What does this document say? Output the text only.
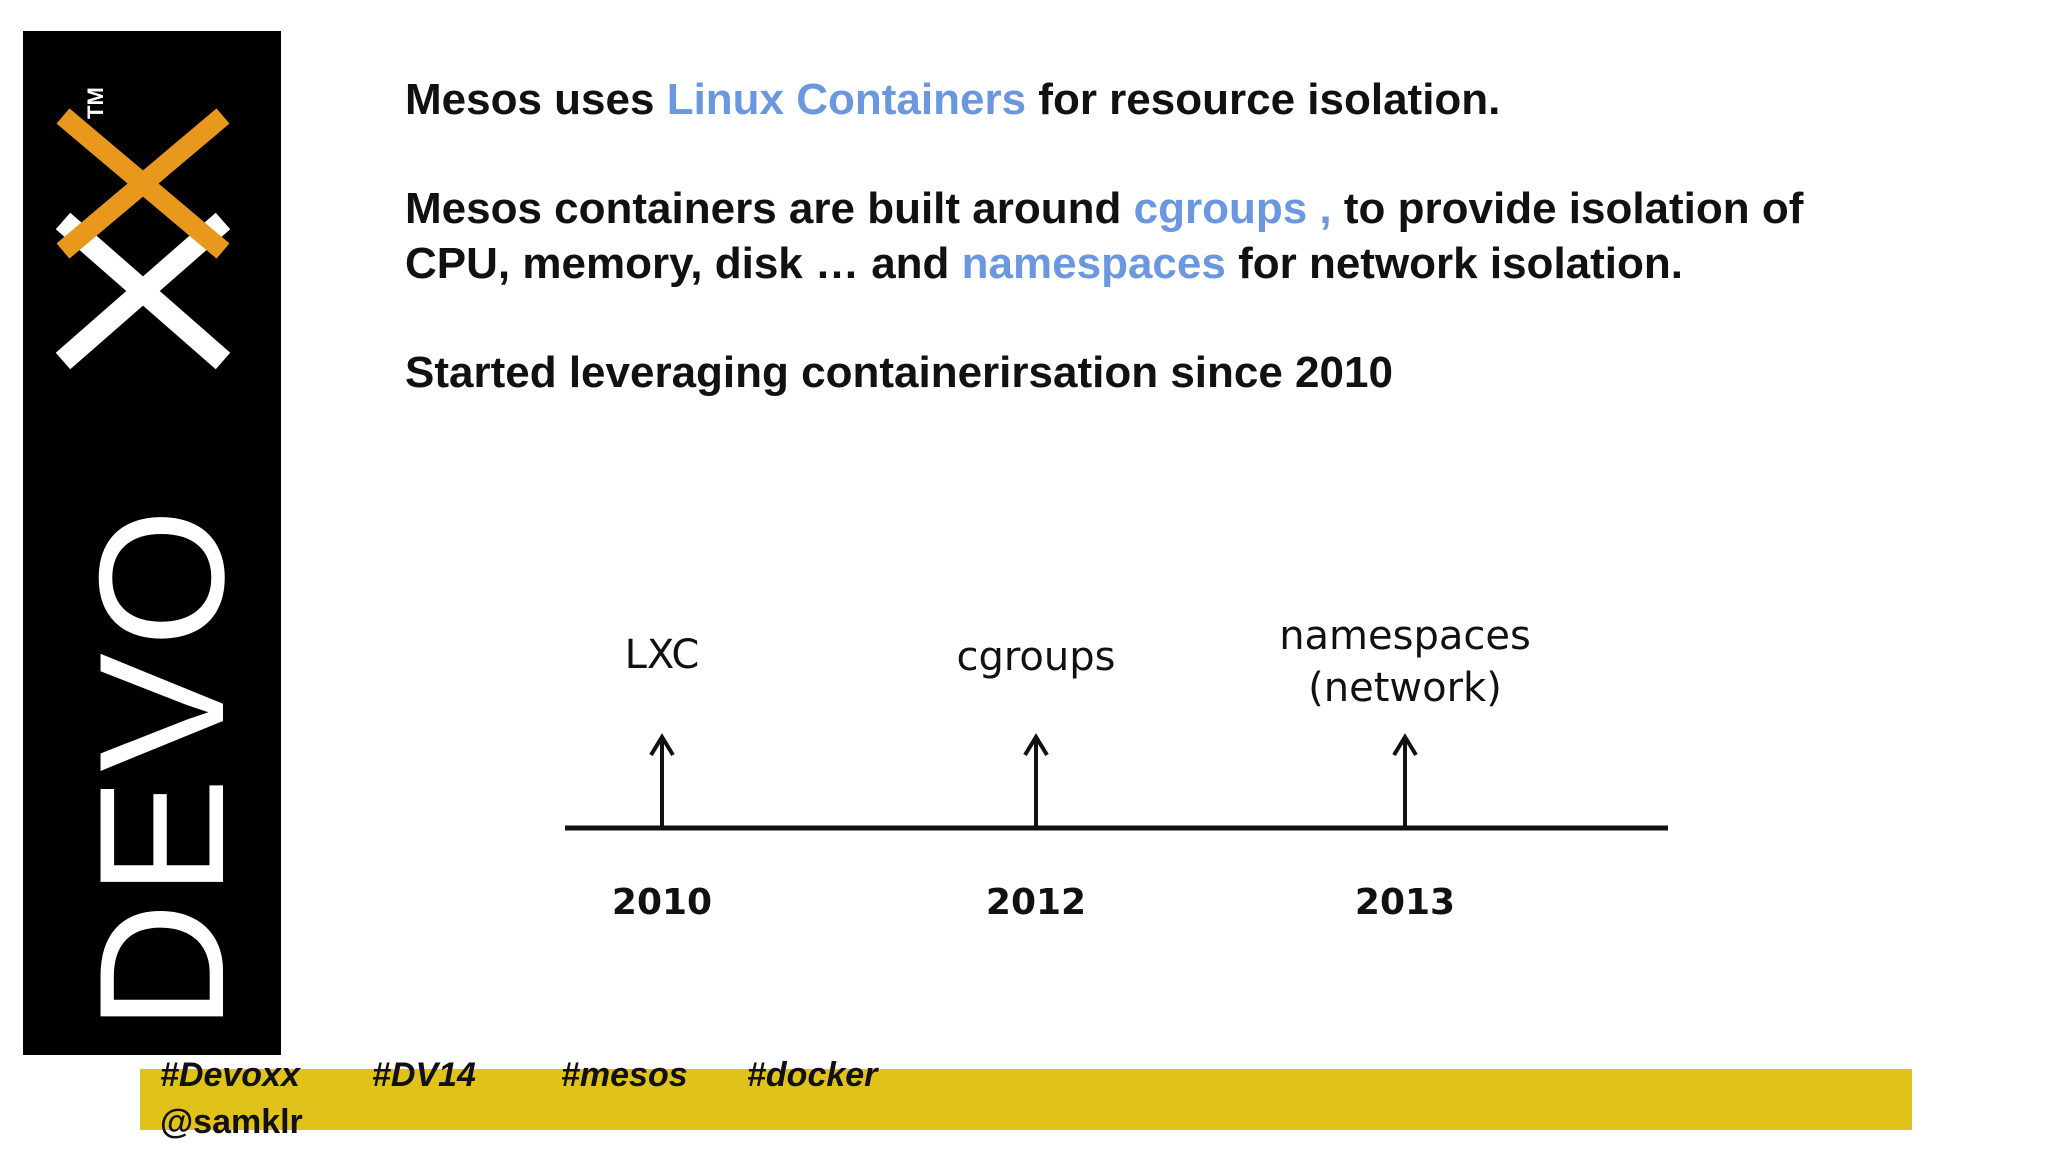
DEVO
TM	Mesos uses Linux Containers for resource isolation.
Mesos containers are built around cgroups , to provide isolation of
CPU, memory, disk … and namespaces for network isolation.
Started leveraging containerirsation since 2010
LXC	cgroups	namespaces
(network)
2010	2012	2013
#Devoxx #DV14	#mesos #docker
@samklr
